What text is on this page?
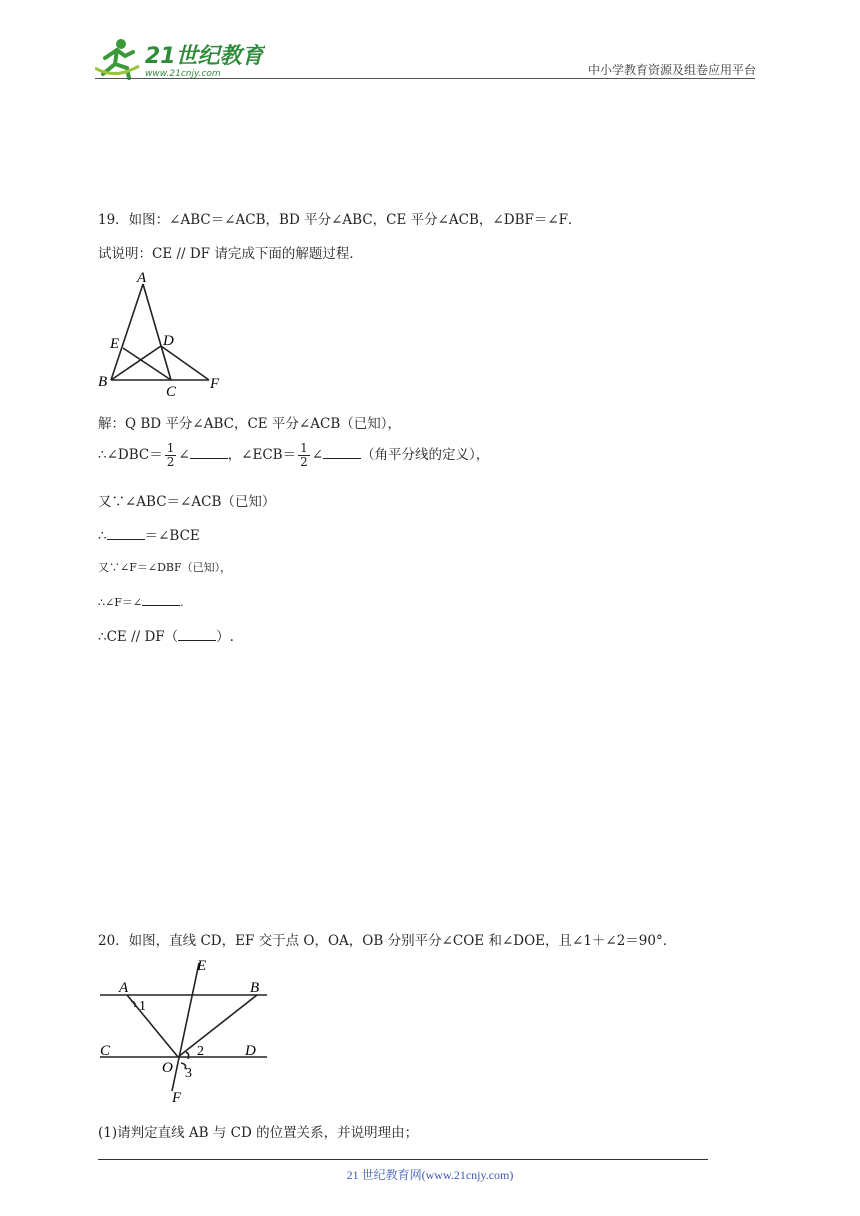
21世纪教育
www.21cnjy.com	中小学教育资源及组卷应用平台
19．如图：∠ABC＝∠ACB，BD 平分∠ABC，CE 平分∠ACB，∠DBF＝∠F．
试说明：CE // DF 请完成下面的解题过程．
A
E	D
B
C F
解：Q BD 平分∠ABC，CE 平分∠ACB（已知），
∴∠DBC＝ $\frac{1}{2}$ ∠	，∠ECB＝ $\frac{1}{2}$ ∠	（角平分线的定义），
又∵∠ABC＝∠ACB（已知）
∴	＝∠BCE
又∵∠F＝∠DBF（已知），
∴∠F＝∠	.
∴CE // DF（	）.
20．如图，直线 CD，EF 交于点 O，OA，OB 分别平分∠COE 和∠DOE，且∠1＋∠2＝90°．
E
A	B
1
C	D
2
O 3
F
(1)请判定直线 AB 与 CD 的位置关系，并说明理由；
21 世纪教育网(www.21cnjy.com)
